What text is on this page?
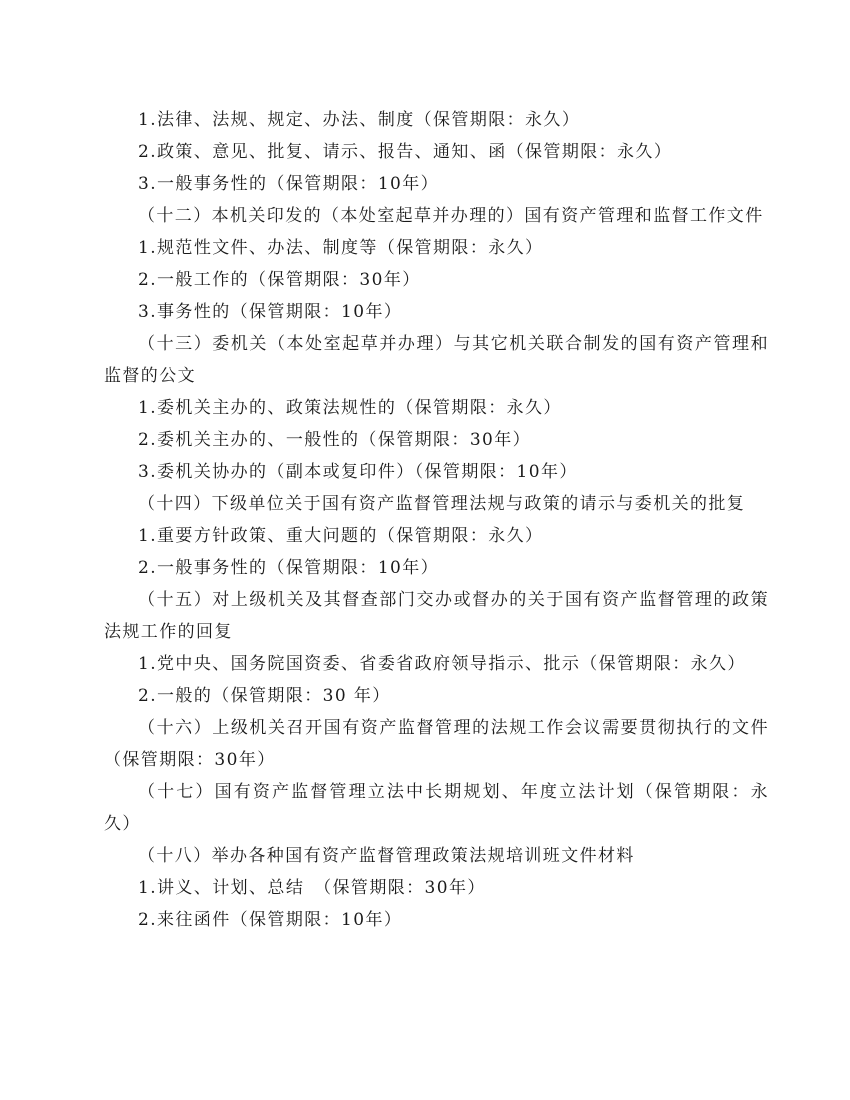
1.法律、法规、规定、办法、制度（保管期限：永久）

2.政策、意见、批复、请示、报告、通知、函（保管期限：永久）

3.一般事务性的（保管期限：10年）

（十二）本机关印发的（本处室起草并办理的）国有资产管理和监督工作文件

1.规范性文件、办法、制度等（保管期限：永久）

2.一般工作的（保管期限：30年）

3.事务性的（保管期限：10年）

（十三）委机关（本处室起草并办理）与其它机关联合制发的国有资产管理和监督的公文

1.委机关主办的、政策法规性的（保管期限：永久）

2.委机关主办的、一般性的（保管期限：30年）

3.委机关协办的（副本或复印件）（保管期限：10年）

（十四）下级单位关于国有资产监督管理法规与政策的请示与委机关的批复

1.重要方针政策、重大问题的（保管期限：永久）

2.一般事务性的（保管期限：10年）

（十五）对上级机关及其督查部门交办或督办的关于国有资产监督管理的政策法规工作的回复

1.党中央、国务院国资委、省委省政府领导指示、批示（保管期限：永久）

2.一般的（保管期限：30 年）

（十六）上级机关召开国有资产监督管理的法规工作会议需要贯彻执行的文件（保管期限：30年）

（十七）国有资产监督管理立法中长期规划、年度立法计划（保管期限：永久）

（十八）举办各种国有资产监督管理政策法规培训班文件材料

1.讲义、计划、总结　（保管期限：30年）

2.来往函件（保管期限：10年）
